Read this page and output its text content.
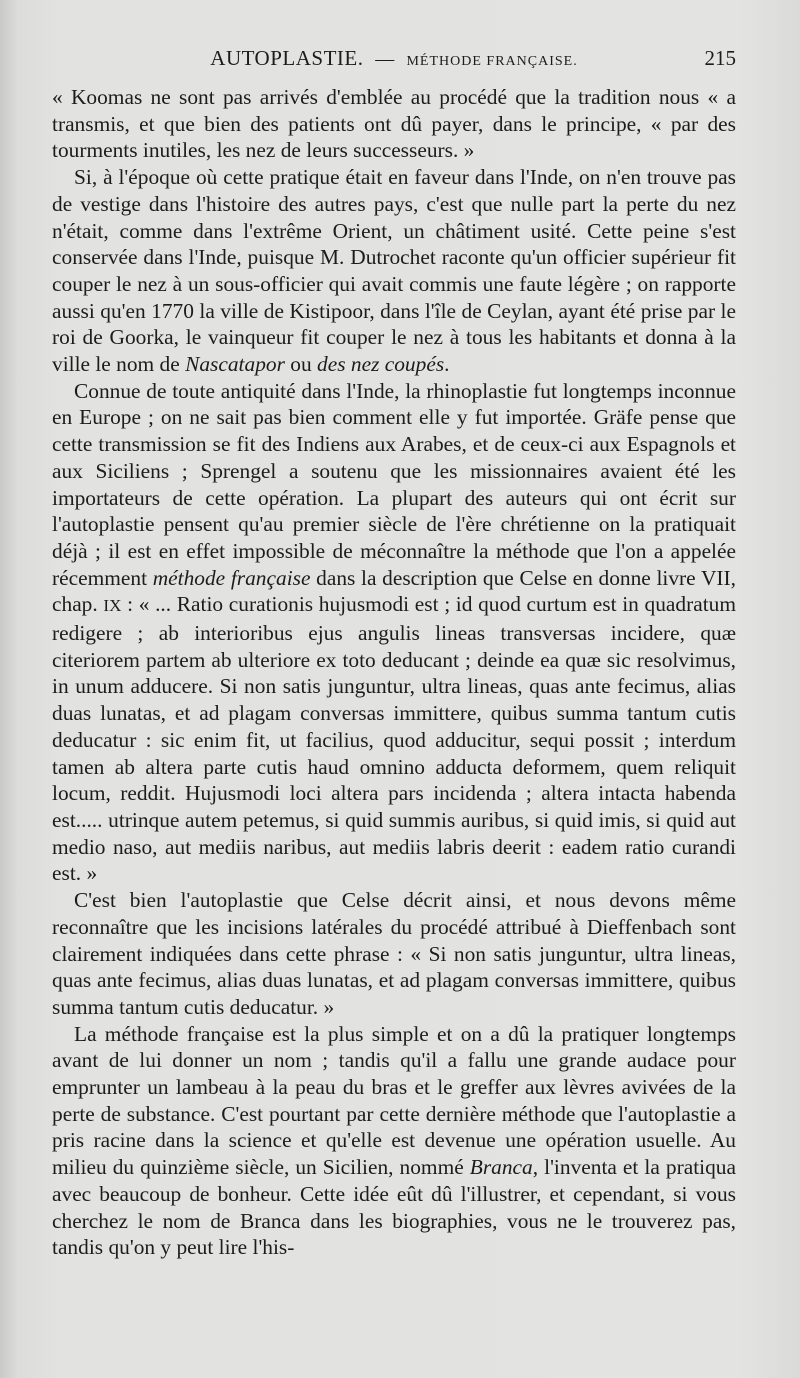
AUTOPLASTIE. — MÉTHODE FRANÇAISE.	215

« Koomas ne sont pas arrivés d'emblée au procédé que la tradition nous « a transmis, et que bien des patients ont dû payer, dans le principe, « par des tourments inutiles, les nez de leurs successeurs. »

Si, à l'époque où cette pratique était en faveur dans l'Inde, on n'en trouve pas de vestige dans l'histoire des autres pays, c'est que nulle part la perte du nez n'était, comme dans l'extrême Orient, un châtiment usité. Cette peine s'est conservée dans l'Inde, puisque M. Dutrochet raconte qu'un officier supérieur fit couper le nez à un sous-officier qui avait commis une faute légère ; on rapporte aussi qu'en 1770 la ville de Kistipoor, dans l'île de Ceylan, ayant été prise par le roi de Goorka, le vainqueur fit couper le nez à tous les habitants et donna à la ville le nom de Nascatapor ou des nez coupés.

Connue de toute antiquité dans l'Inde, la rhinoplastie fut longtemps inconnue en Europe ; on ne sait pas bien comment elle y fut importée. Gräfe pense que cette transmission se fit des Indiens aux Arabes, et de ceux-ci aux Espagnols et aux Siciliens ; Sprengel a soutenu que les missionnaires avaient été les importateurs de cette opération. La plupart des auteurs qui ont écrit sur l'autoplastie pensent qu'au premier siècle de l'ère chrétienne on la pratiquait déjà ; il est en effet impossible de méconnaître la méthode que l'on a appelée récemment méthode française dans la description que Celse en donne livre VII, chap. IX : « ... Ratio curationis hujusmodi est ; id quod curtum est in quadratum redigere ; ab interioribus ejus angulis lineas transversas incidere, quæ citeriorem partem ab ulteriore ex toto deducant ; deinde ea quæ sic resolvimus, in unum adducere. Si non satis junguntur, ultra lineas, quas ante fecimus, alias duas lunatas, et ad plagam conversas immittere, quibus summa tantum cutis deducatur : sic enim fit, ut facilius, quod adducitur, sequi possit ; interdum tamen ab altera parte cutis haud omnino adducta deformem, quem reliquit locum, reddit. Hujusmodi loci altera pars incidenda ; altera intacta habenda est..... utrinque autem petemus, si quid summis auribus, si quid imis, si quid aut medio naso, aut mediis naribus, aut mediis labris deerit : eadem ratio curandi est. »

C'est bien l'autoplastie que Celse décrit ainsi, et nous devons même reconnaître que les incisions latérales du procédé attribué à Dieffenbach sont clairement indiquées dans cette phrase : « Si non satis junguntur, ultra lineas, quas ante fecimus, alias duas lunatas, et ad plagam conversas immittere, quibus summa tantum cutis deducatur. »

La méthode française est la plus simple et on a dû la pratiquer longtemps avant de lui donner un nom ; tandis qu'il a fallu une grande audace pour emprunter un lambeau à la peau du bras et le greffer aux lèvres avivées de la perte de substance. C'est pourtant par cette dernière méthode que l'autoplastie a pris racine dans la science et qu'elle est devenue une opération usuelle. Au milieu du quinzième siècle, un Sicilien, nommé Branca, l'inventa et la pratiqua avec beaucoup de bonheur. Cette idée eût dû l'illustrer, et cependant, si vous cherchez le nom de Branca dans les biographies, vous ne le trouverez pas, tandis qu'on y peut lire l'his-
